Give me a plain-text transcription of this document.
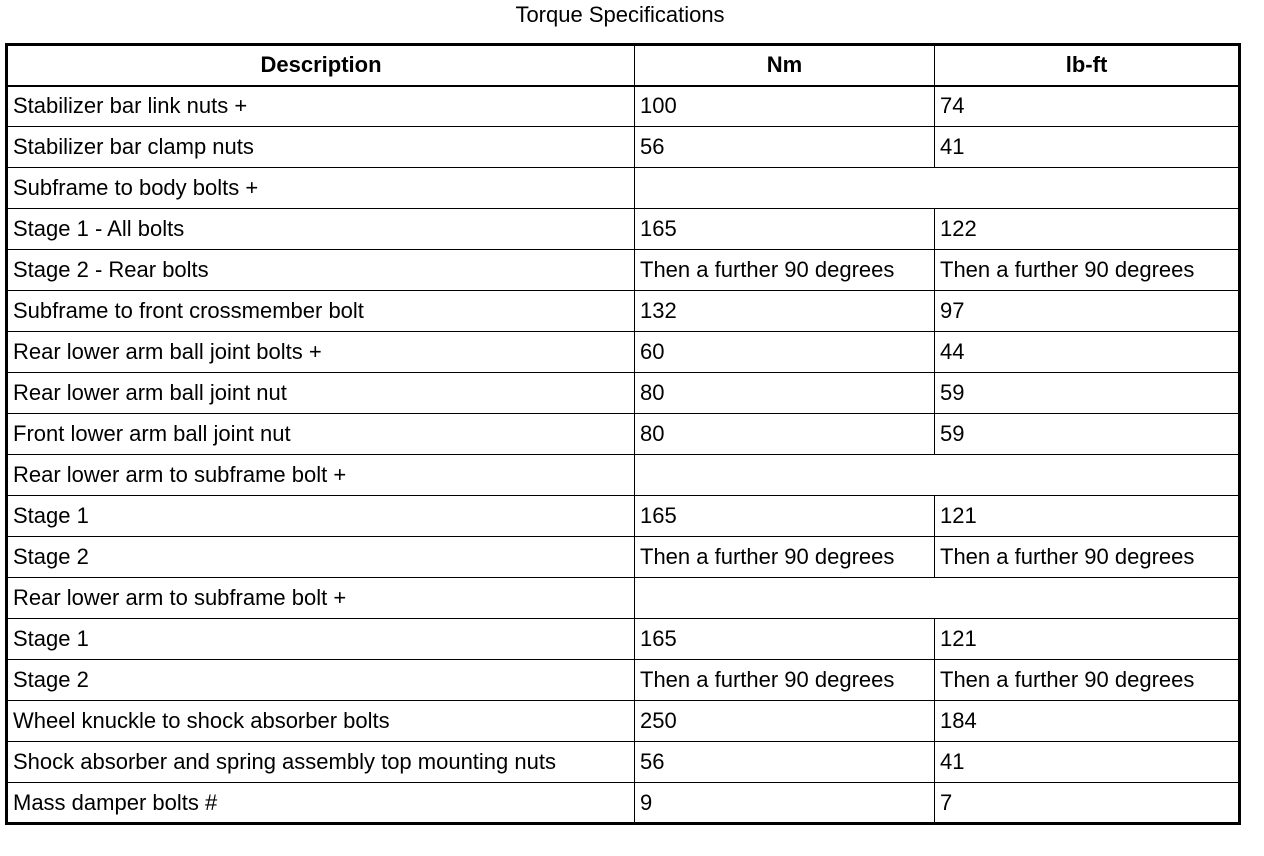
Torque Specifications
Description	Nm	lb-ft
Stabilizer bar link nuts +	100	74
Stabilizer bar clamp nuts	56	41
Subframe to body bolts +		
Stage 1 - All bolts	165	122
Stage 2 - Rear bolts	Then a further 90 degrees	Then a further 90 degrees
Subframe to front crossmember bolt	132	97
Rear lower arm ball joint bolts +	60	44
Rear lower arm ball joint nut	80	59
Front lower arm ball joint nut	80	59
Rear lower arm to subframe bolt +		
Stage 1	165	121
Stage 2	Then a further 90 degrees	Then a further 90 degrees
Rear lower arm to subframe bolt +		
Stage 1	165	121
Stage 2	Then a further 90 degrees	Then a further 90 degrees
Wheel knuckle to shock absorber bolts	250	184
Shock absorber and spring assembly top mounting nuts	56	41
Mass damper bolts #	9	7
